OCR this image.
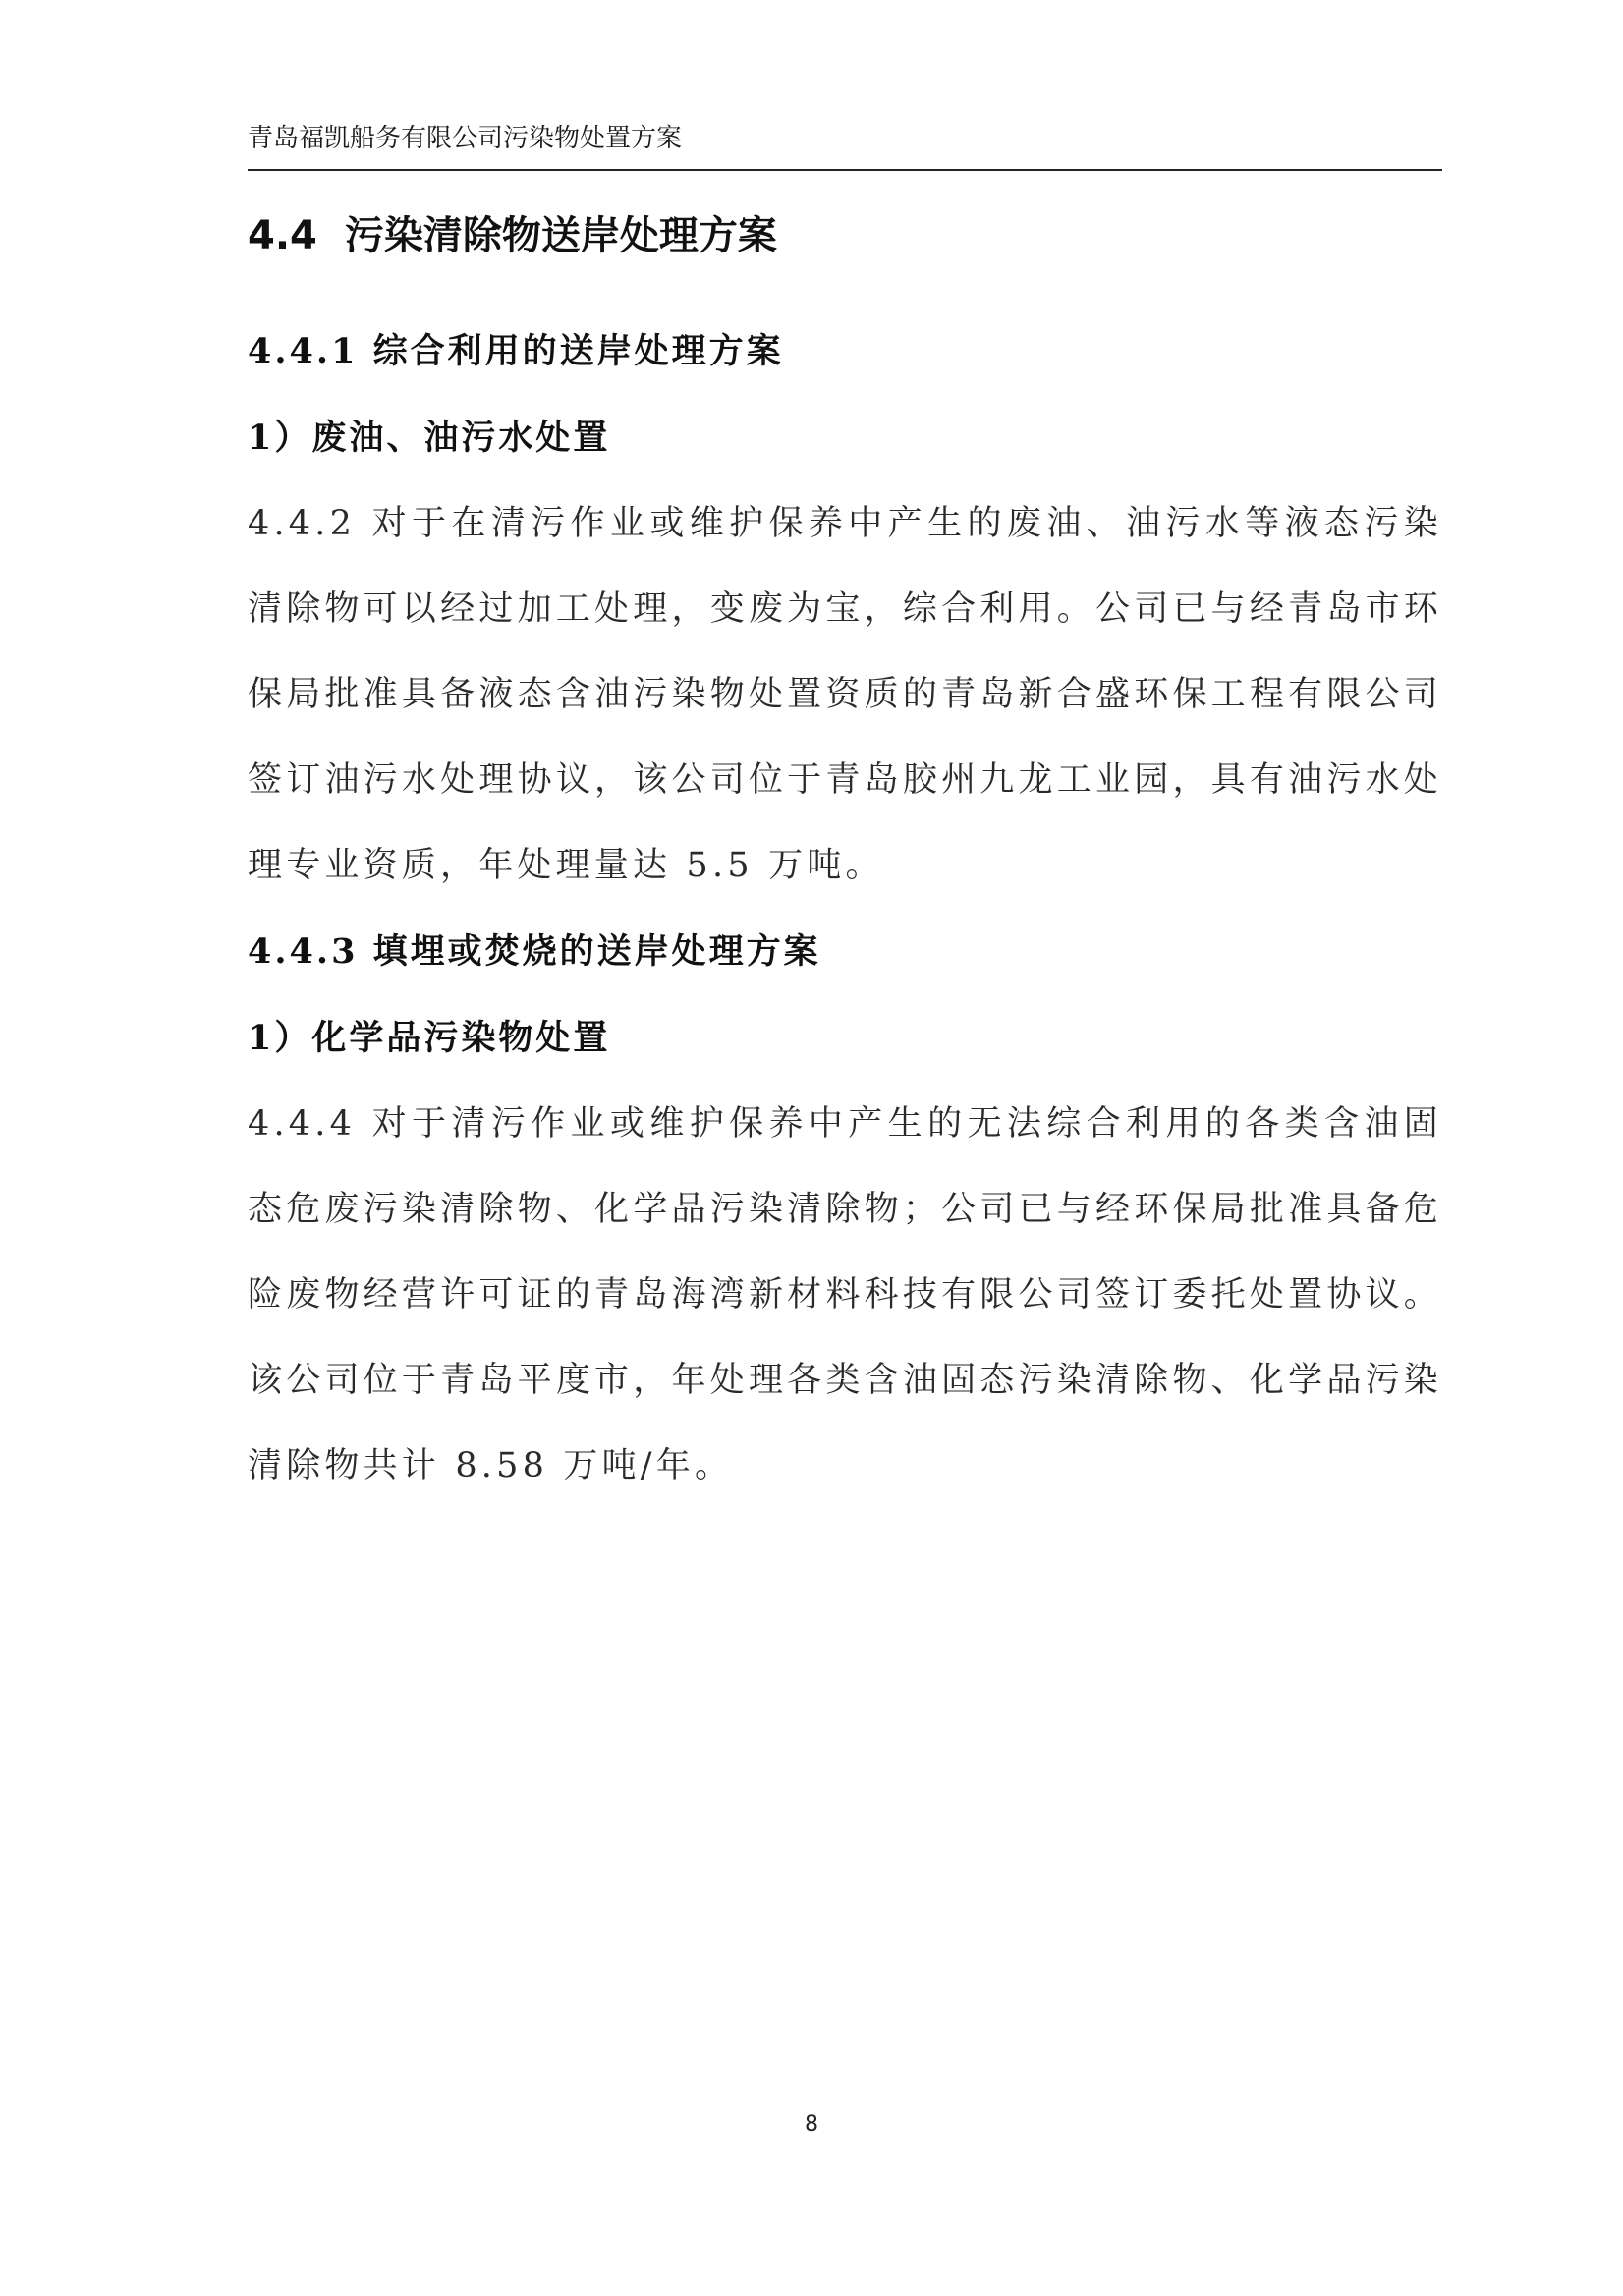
青岛福凯船务有限公司污染物处置方案
4.4 污染清除物送岸处理方案
4.4.1 综合利用的送岸处理方案
1）废油、油污水处置

4.4.2 对于在清污作业或维护保养中产生的废油、油污水等液态污染清除物可以经过加工处理，变废为宝，综合利用。公司已与经青岛市环保局批准具备液态含油污染物处置资质的青岛新合盛环保工程有限公司签订油污水处理协议，该公司位于青岛胶州九龙工业园，具有油污水处理专业资质，年处理量达 5.5 万吨。

4.4.3 填埋或焚烧的送岸处理方案
1）化学品污染物处置

4.4.4 对于清污作业或维护保养中产生的无法综合利用的各类含油固态危废污染清除物、化学品污染清除物；公司已与经环保局批准具备危险废物经营许可证的青岛海湾新材料科技有限公司签订委托处置协议。该公司位于青岛平度市，年处理各类含油固态污染清除物、化学品污染清除物共计 8.58 万吨/年。

8
